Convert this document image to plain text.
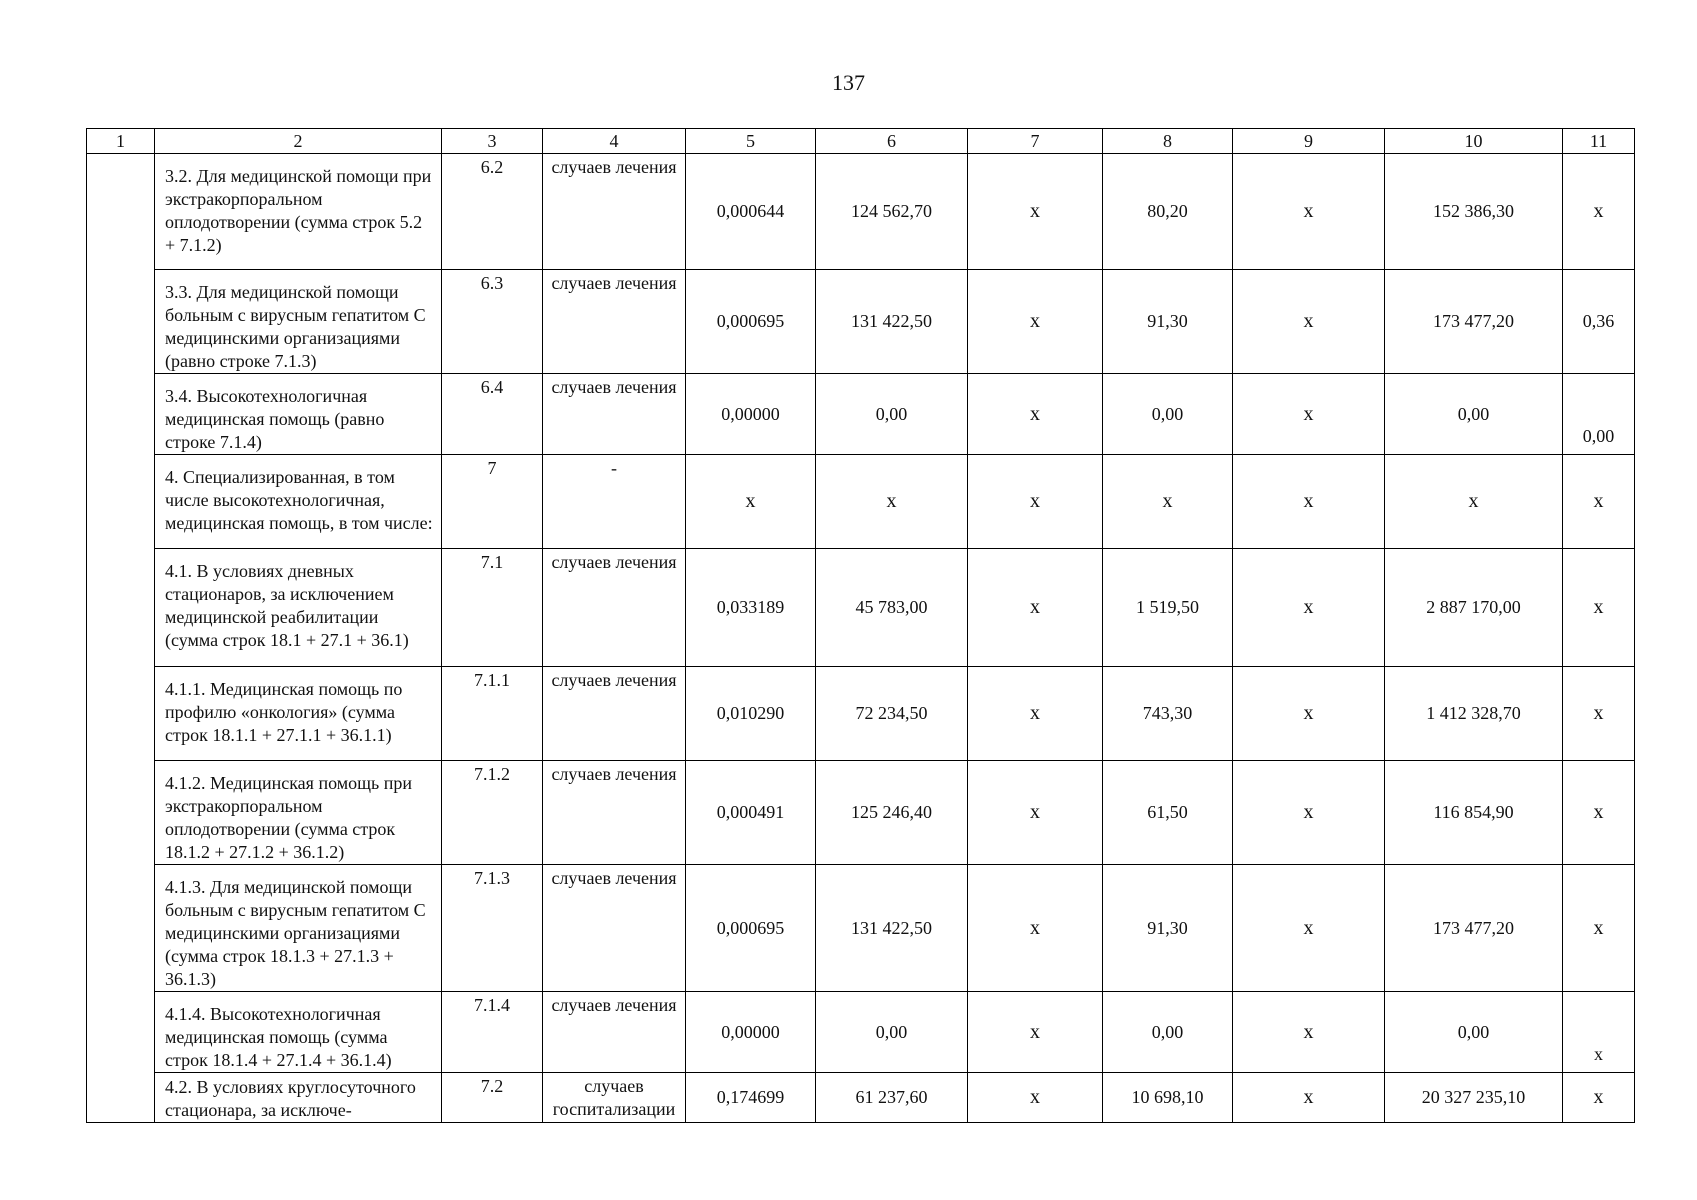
137
1	2	3	4	5	6	7	8	9	10	11
	3.2. Для медицинской помощи при экстракорпоральном оплодотворении (сумма строк 5.2 + 7.1.2)	6.2	случаев лечения	0,000644	124 562,70	x	80,20	x	152 386,30	x
	3.3. Для медицинской помощи больным с вирусным гепатитом С медицинскими организациями (равно строке 7.1.3)	6.3	случаев лечения	0,000695	131 422,50	x	91,30	x	173 477,20	0,36
	3.4. Высокотехнологичная медицинская помощь (равно строке 7.1.4)	6.4	случаев лечения	0,00000	0,00	x	0,00	x	0,00	0,00
	4. Специализированная, в том числе высокотехнологичная, медицинская помощь, в том числе:	7	-	x	x	x	x	x	x	x
	4.1. В условиях дневных стационаров, за исключением медицинской реабилитации (сумма строк 18.1 + 27.1 + 36.1)	7.1	случаев лечения	0,033189	45 783,00	x	1 519,50	x	2 887 170,00	x
	4.1.1. Медицинская помощь по профилю «онкология» (сумма строк 18.1.1 + 27.1.1 + 36.1.1)	7.1.1	случаев лечения	0,010290	72 234,50	x	743,30	x	1 412 328,70	x
	4.1.2. Медицинская помощь при экстракорпоральном оплодотворении (сумма строк 18.1.2 + 27.1.2 + 36.1.2)	7.1.2	случаев лечения	0,000491	125 246,40	x	61,50	x	116 854,90	x
	4.1.3. Для медицинской помощи больным с вирусным гепатитом С медицинскими организациями (сумма строк 18.1.3 + 27.1.3 + 36.1.3)	7.1.3	случаев лечения	0,000695	131 422,50	x	91,30	x	173 477,20	x
	4.1.4. Высокотехнологичная медицинская помощь (сумма строк 18.1.4 + 27.1.4 + 36.1.4)	7.1.4	случаев лечения	0,00000	0,00	x	0,00	x	0,00	x
	4.2. В условиях круглосуточного стационара, за исключе-	7.2	случаев госпитализации	0,174699	61 237,60	x	10 698,10	x	20 327 235,10	x
